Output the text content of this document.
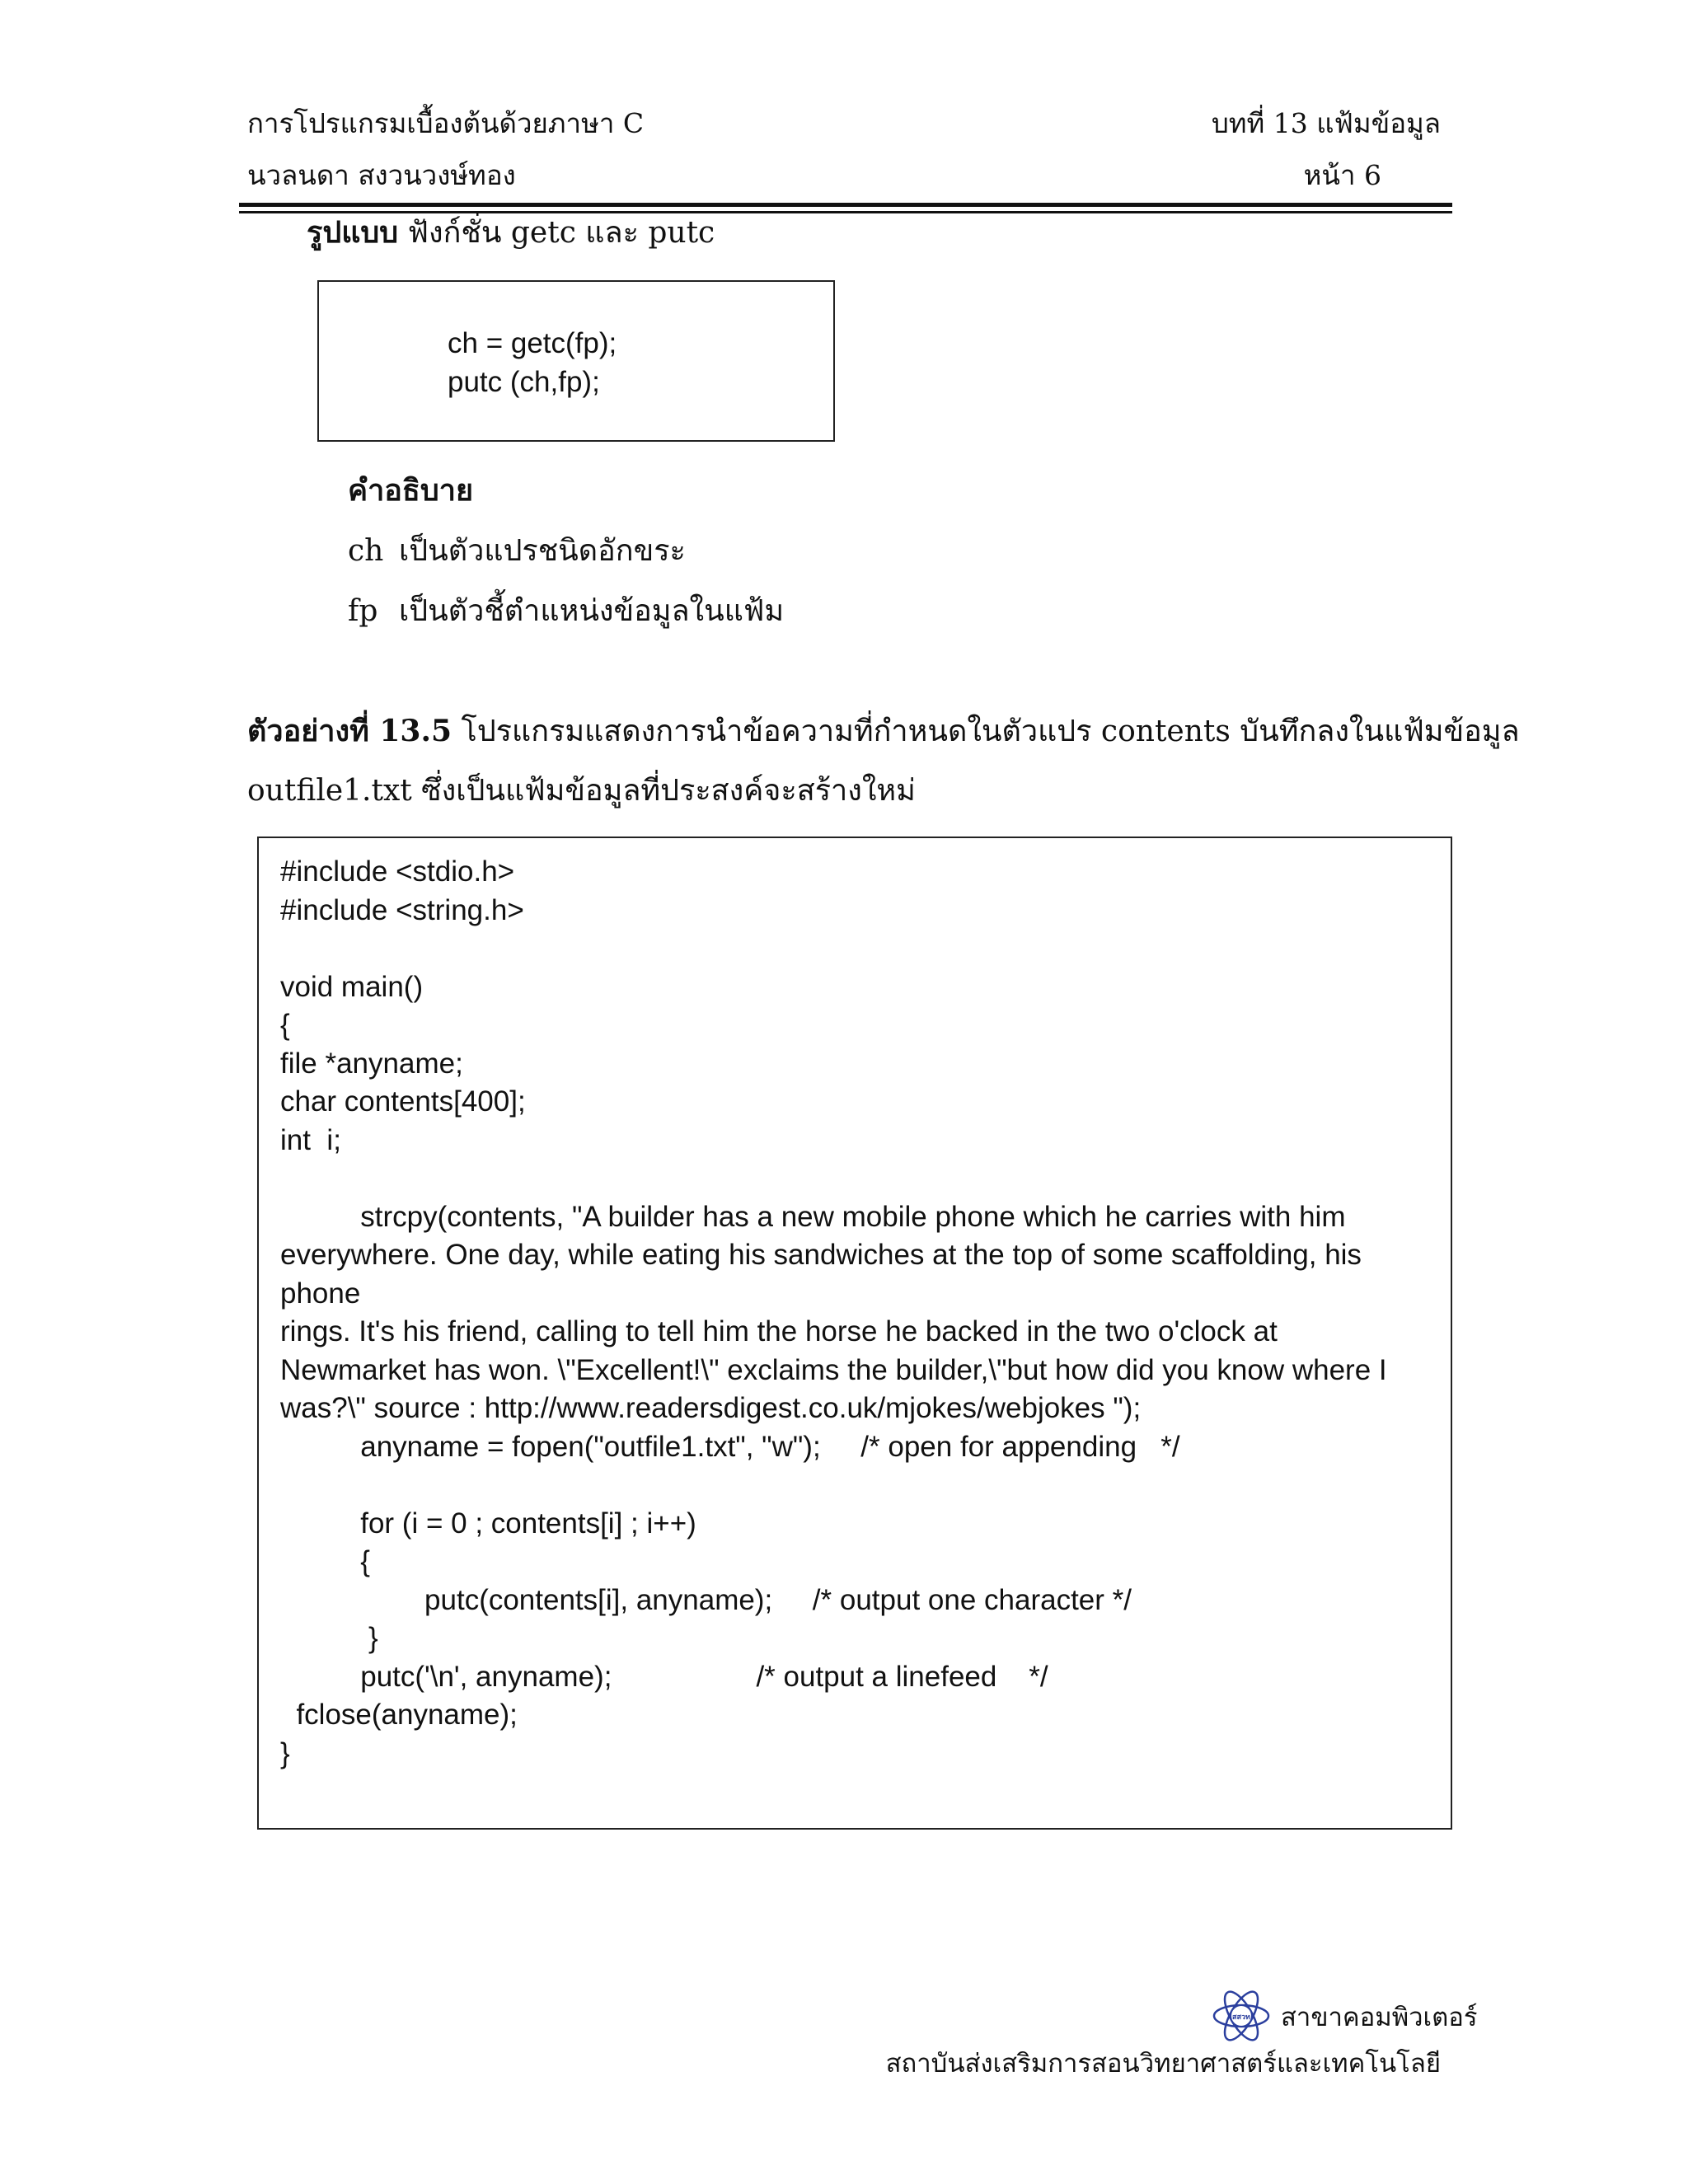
การโปรแกรมเบื้องต้นด้วยภาษา C
นวลนดา สงวนวงษ์ทอง
บทที่ 13 แฟ้มข้อมูล
หน้า 6
รูปแบบ ฟังก์ชั่น getc และ putc
ch = getc(fp);
putc (ch,fp);
คำอธิบาย
ch เป็นตัวแปรชนิดอักขระ
fp เป็นตัวชี้ตำแหน่งข้อมูลในแฟ้ม
ตัวอย่างที่ 13.5 โปรแกรมแสดงการนำข้อความที่กำหนดในตัวแปร contents บันทึกลงในแฟ้มข้อมูล
outfile1.txt ซึ่งเป็นแฟ้มข้อมูลที่ประสงค์จะสร้างใหม่
#include <stdio.h>
#include <string.h>

void main()
{
file *anyname;
char contents[400];
int  i;

strcpy(contents, "A builder has a new mobile phone which he carries with him
everywhere. One day, while eating his sandwiches at the top of some scaffolding, his
phone
rings. It's his friend, calling to tell him the horse he backed in the two o'clock at
Newmarket has won. \"Excellent!\" exclaims the builder,\"but how did you know where I
was?\" source : http://www.readersdigest.co.uk/mjokes/webjokes ");
anyname = fopen("outfile1.txt", "w");     /* open for appending   */

for (i = 0 ; contents[i] ; i++)
{
putc(contents[i], anyname);     /* output one character */
}
putc('\n', anyname);                  /* output a linefeed    */
fclose(anyname);
}
สสวท สาขาคอมพิวเตอร์
สถาบันส่งเสริมการสอนวิทยาศาสตร์และเทคโนโลยี
